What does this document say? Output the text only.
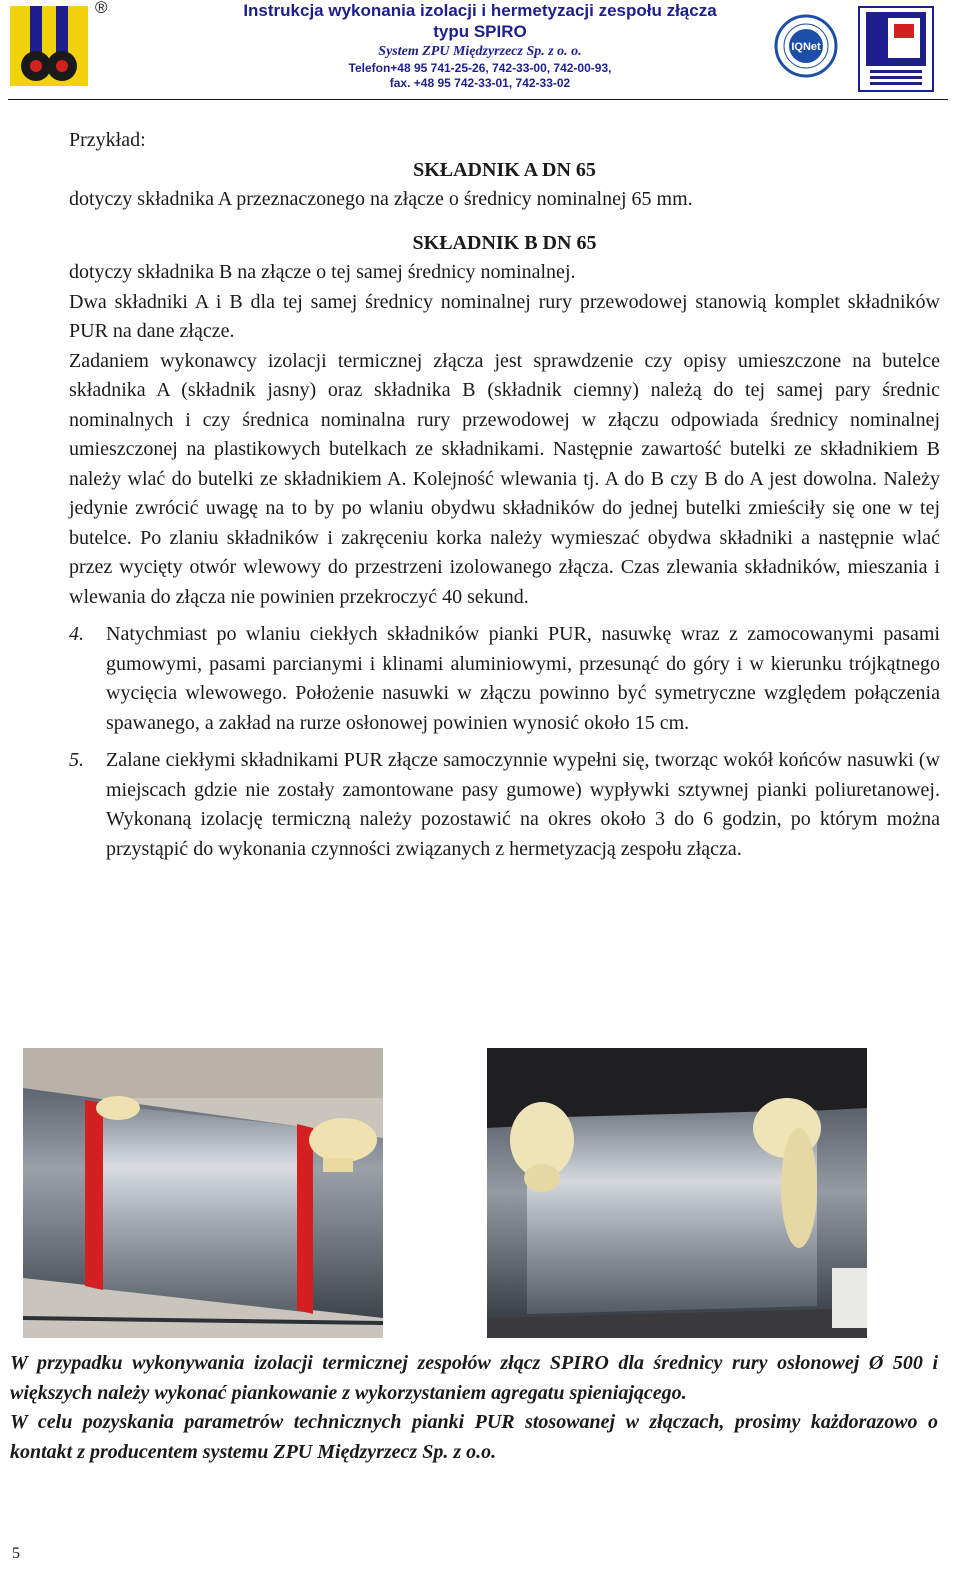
®	Instrukcja wykonania izolacji i hermetyzacji zespołu złącza
typu SPIRO
System ZPU Międzyrzecz Sp. z o. o.
Telefon+48 95 741-25-26, 742-33-00, 742-00-93,
fax. +48 95 742-33-01, 742-33-02
IQNet

Przykład:

SKŁADNIK A DN 65

dotyczy składnika A przeznaczonego na złącze o średnicy nominalnej 65 mm.

SKŁADNIK B DN 65

dotyczy składnika B na złącze o tej samej średnicy nominalnej.

Dwa składniki A i B dla tej samej średnicy nominalnej rury przewodowej stanowią komplet składników PUR na dane złącze.

Zadaniem wykonawcy izolacji termicznej złącza jest sprawdzenie czy opisy umieszczone na butelce składnika A (składnik jasny) oraz składnika B (składnik ciemny) należą do tej samej pary średnic nominalnych i czy średnica nominalna rury przewodowej w złączu odpowiada średnicy nominalnej umieszczonej na plastikowych butelkach ze składnikami. Następnie zawartość butelki ze składnikiem B należy wlać do butelki ze składnikiem A. Kolejność wlewania tj. A do B czy B do A jest dowolna. Należy jedynie zwrócić uwagę na to by po wlaniu obydwu składników do jednej butelki zmieściły się one w tej butelce. Po zlaniu składników i zakręceniu korka należy wymieszać obydwa składniki a następnie wlać przez wycięty otwór wlewowy do przestrzeni izolowanego złącza. Czas zlewania składników, mieszania i wlewania do złącza nie powinien przekroczyć 40 sekund.

4. Natychmiast po wlaniu ciekłych składników pianki PUR, nasuwkę wraz z zamocowanymi pasami gumowymi, pasami parcianymi i klinami aluminiowymi, przesunąć do góry i w kierunku trójkątnego wycięcia wlewowego. Położenie nasuwki w złączu powinno być symetryczne względem połączenia spawanego, a zakład na rurze osłonowej powinien wynosić około 15 cm.
5. Zalane ciekłymi składnikami PUR złącze samoczynnie wypełni się, tworząc wokół końców nasuwki (w miejscach gdzie nie zostały zamontowane pasy gumowe) wypływki sztywnej pianki poliuretanowej. Wykonaną izolację termiczną należy pozostawić na okres około 3 do 6 godzin, po którym można przystąpić do wykonania czynności związanych z hermetyzacją zespołu złącza.

W przypadku wykonywania izolacji termicznej zespołów złącz SPIRO dla średnicy rury osłonowej Ø 500 i większych należy wykonać piankowanie z wykorzystaniem agregatu spieniającego.

W celu pozyskania parametrów technicznych pianki PUR stosowanej w złączach, prosimy każdorazowo o kontakt z producentem systemu ZPU Międzyrzecz Sp. z o.o.

5
